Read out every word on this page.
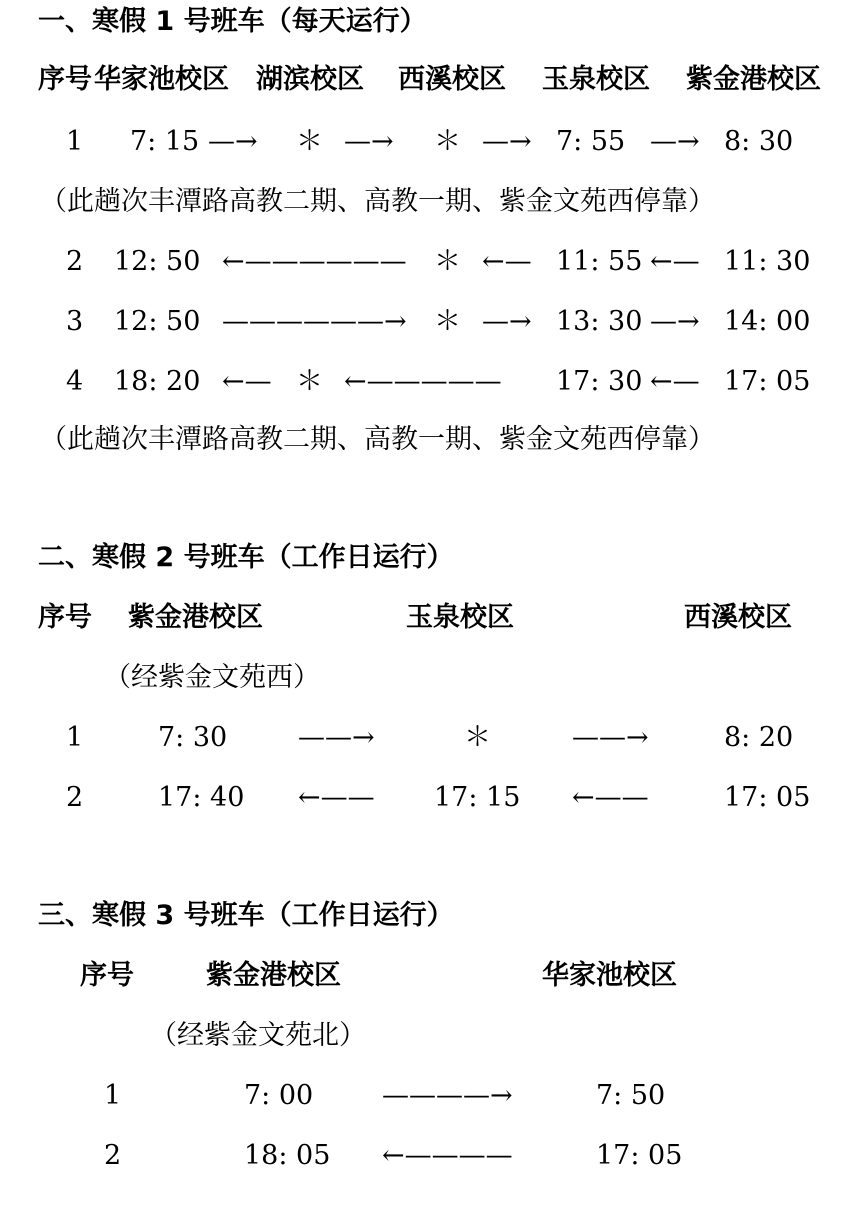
一、寒假 1 号班车（每天运行）
序号 华家池校区 湖滨校区 西溪校区 玉泉校区 紫金港校区
1 7: 15 —→ ＊ —→ ＊ —→ 7: 55 —→ 8: 30
（此趟次丰潭路高教二期、高教一期、紫金文苑西停靠）
2 12: 50 ←—————— ＊ ←— 11: 55 ←— 11: 30
3 12: 50 ——————→ ＊ —→ 13: 30 —→ 14: 00
4 18: 20 ←— ＊ ←————— 17: 30 ←— 17: 05
（此趟次丰潭路高教二期、高教一期、紫金文苑西停靠）
二、寒假 2 号班车（工作日运行）
序号 紫金港校区	玉泉校区	西溪校区
（经紫金文苑西）
1	7: 30	——→	＊	——→	8: 20
2	17: 40 ←—— 17: 15 ←——	17: 05
三、寒假 3 号班车（工作日运行）
序号	紫金港校区	华家池校区
（经紫金文苑北）
1	7: 00	————→	7: 50
2	18: 05 ←————	17: 05
